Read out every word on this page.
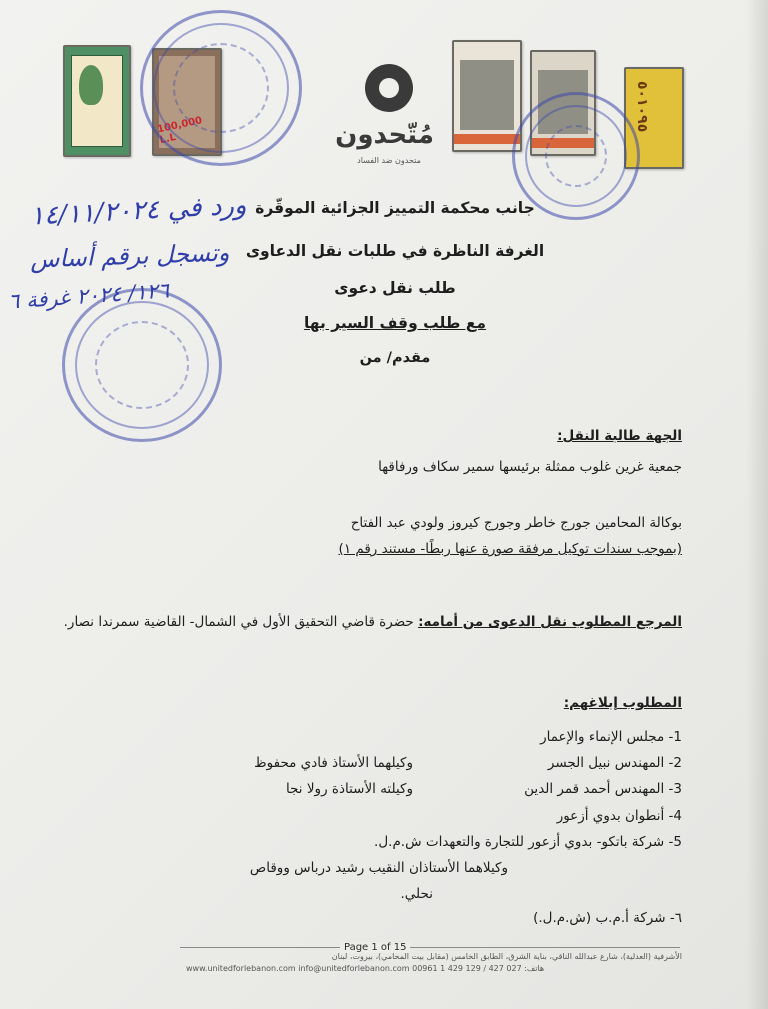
100,000 L.L
٥٠١٠٩٥
مُتّحدون
متحدون ضد الفساد
ورد في ١٤/١١/٢٠٢٤
وتسجل برقم أساس
١٢٦/ ٢٠٢٤ غرفة ٦
جانب محكمة التمييز الجزائية الموقّرة
الغرفة الناظرة في طلبات نقل الدعاوى
طلب نقل دعوى
مع طلب وقف السير بها
مقدم/ من
الجهة طالبة النقل:
جمعية غرين غلوب ممثلة برئيسها سمير سكاف ورفاقها
بوكالة المحامين جورج خاطر وجورج كيروز ولودي عبد الفتاح
(بموجب سندات توكيل مرفقة صورة عنها ربطًا- مستند رقم ١)
المرجع المطلوب نقل الدعوى من أمامه: حضرة قاضي التحقيق الأول في الشمال- القاضية سمرندا نصار.
المطلوب إبلاغهم:
1- مجلس الإنماء والإعمار
2- المهندس نبيل الجسر
3- المهندس أحمد قمر الدين
4- أنطوان بدوي أزعور
5- شركة باتكو- بدوي أزعور للتجارة والتعهدات ش.م.ل.
٦- شركة أ.م.ب (ش.م.ل.)
وكيلهما الأستاذ فادي محفوظ
وكيلته الأستاذة رولا نجا
وكيلاهما الأستاذان النقيب رشيد درباس ووقاص
نحلي.
Page 1 of 15
الأشرفية (العدلية)، شارع عبدالله الناقي، بناية الشرق، الطابق الخامس (مقابل بيت المحامي)، بيروت، لبنان
www.unitedforlebanon.com info@unitedforlebanon.com 00961 1 429 129 / 427 027 :هاتف
